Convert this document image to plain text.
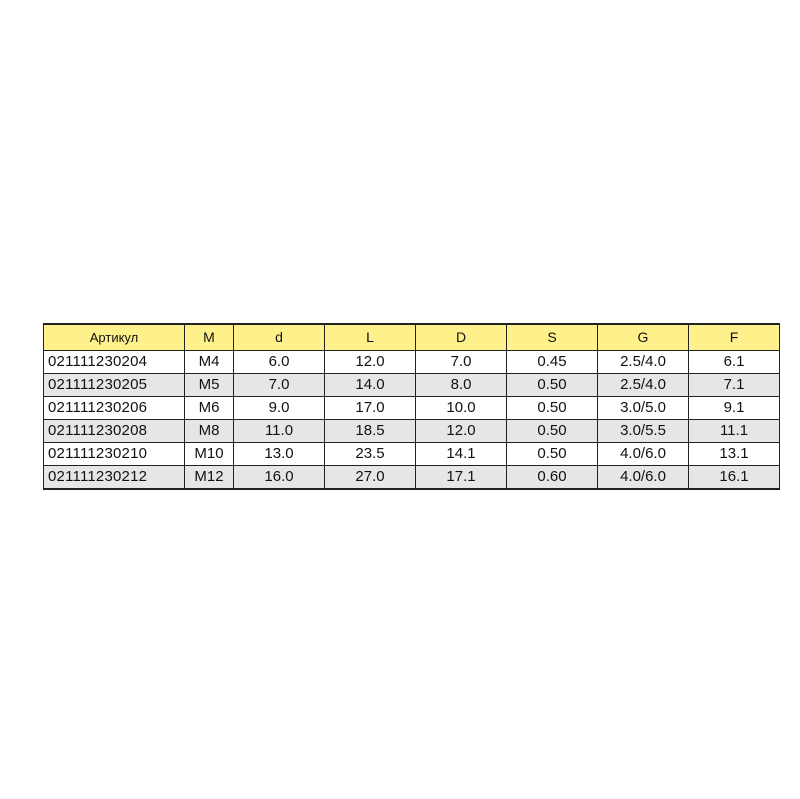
Артикул	M	d	L	D	S	G	F
021111230204	M4	6.0	12.0	7.0	0.45	2.5/4.0	6.1
021111230205	M5	7.0	14.0	8.0	0.50	2.5/4.0	7.1
021111230206	M6	9.0	17.0	10.0	0.50	3.0/5.0	9.1
021111230208	M8	11.0	18.5	12.0	0.50	3.0/5.5	11.1
021111230210	M10	13.0	23.5	14.1	0.50	4.0/6.0	13.1
021111230212	M12	16.0	27.0	17.1	0.60	4.0/6.0	16.1
